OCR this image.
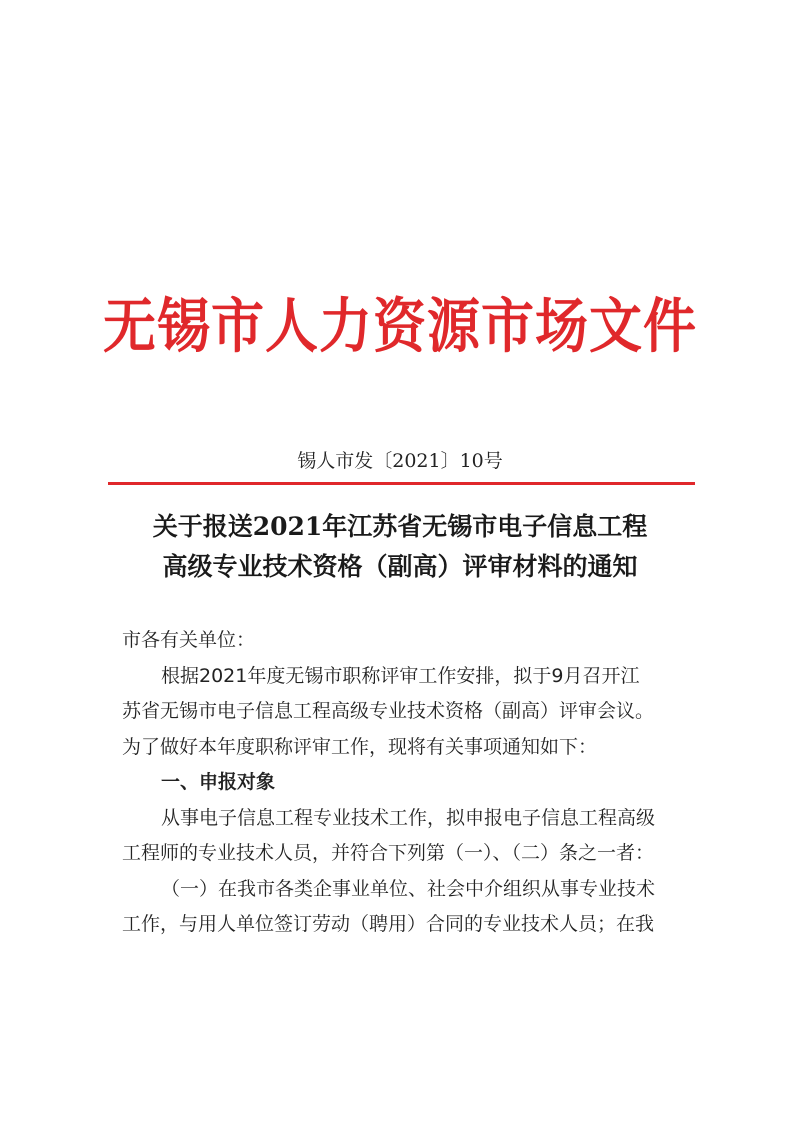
无锡市人力资源市场文件
锡人市发〔2021〕10号
关于报送2021年江苏省无锡市电子信息工程
高级专业技术资格（副高）评审材料的通知

市各有关单位：

根据2021年度无锡市职称评审工作安排，拟于9月召开江

苏省无锡市电子信息工程高级专业技术资格（副高）评审会议。

为了做好本年度职称评审工作，现将有关事项通知如下：

一、申报对象

从事电子信息工程专业技术工作，拟申报电子信息工程高级

工程师的专业技术人员，并符合下列第（一）、（二）条之一者：

（一）在我市各类企事业单位、社会中介组织从事专业技术

工作，与用人单位签订劳动（聘用）合同的专业技术人员；在我
